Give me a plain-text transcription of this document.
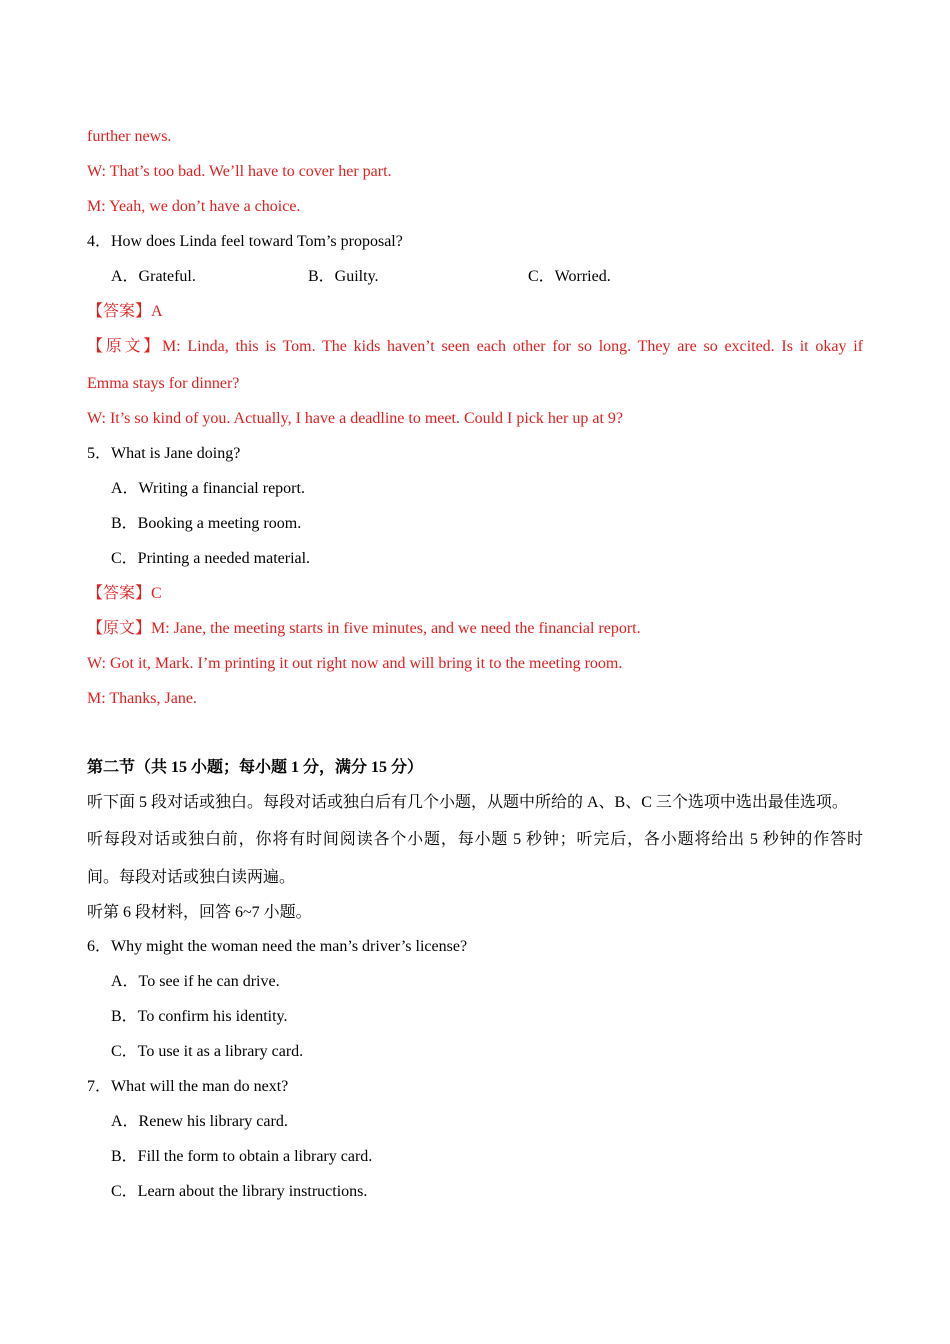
further news.
W: That’s too bad. We’ll have to cover her part.
M: Yeah, we don’t have a choice.
4．How does Linda feel toward Tom’s proposal?
A．Grateful.	B．Guilty.	C．Worried.
【答案】A
【原文】M: Linda, this is Tom. The kids haven’t seen each other for so long. They are so excited. Is it okay if
Emma stays for dinner?
W: It’s so kind of you. Actually, I have a deadline to meet. Could I pick her up at 9?
5．What is Jane doing?
A．Writing a financial report.
B．Booking a meeting room.
C．Printing a needed material.
【答案】C
【原文】M: Jane, the meeting starts in five minutes, and we need the financial report.
W: Got it, Mark. I’m printing it out right now and will bring it to the meeting room.
M: Thanks, Jane.
第二节（共 15 小题；每小题 1 分，满分 15 分）
听下面 5 段对话或独白。每段对话或独白后有几个小题，从题中所给的 A、B、C 三个选项中选出最佳选项。
听每段对话或独白前，你将有时间阅读各个小题，每小题 5 秒钟；听完后，各小题将给出 5 秒钟的作答时
间。每段对话或独白读两遍。
听第 6 段材料，回答 6~7 小题。
6．Why might the woman need the man’s driver’s license?
A．To see if he can drive.
B．To confirm his identity.
C．To use it as a library card.
7．What will the man do next?
A．Renew his library card.
B．Fill the form to obtain a library card.
C．Learn about the library instructions.
